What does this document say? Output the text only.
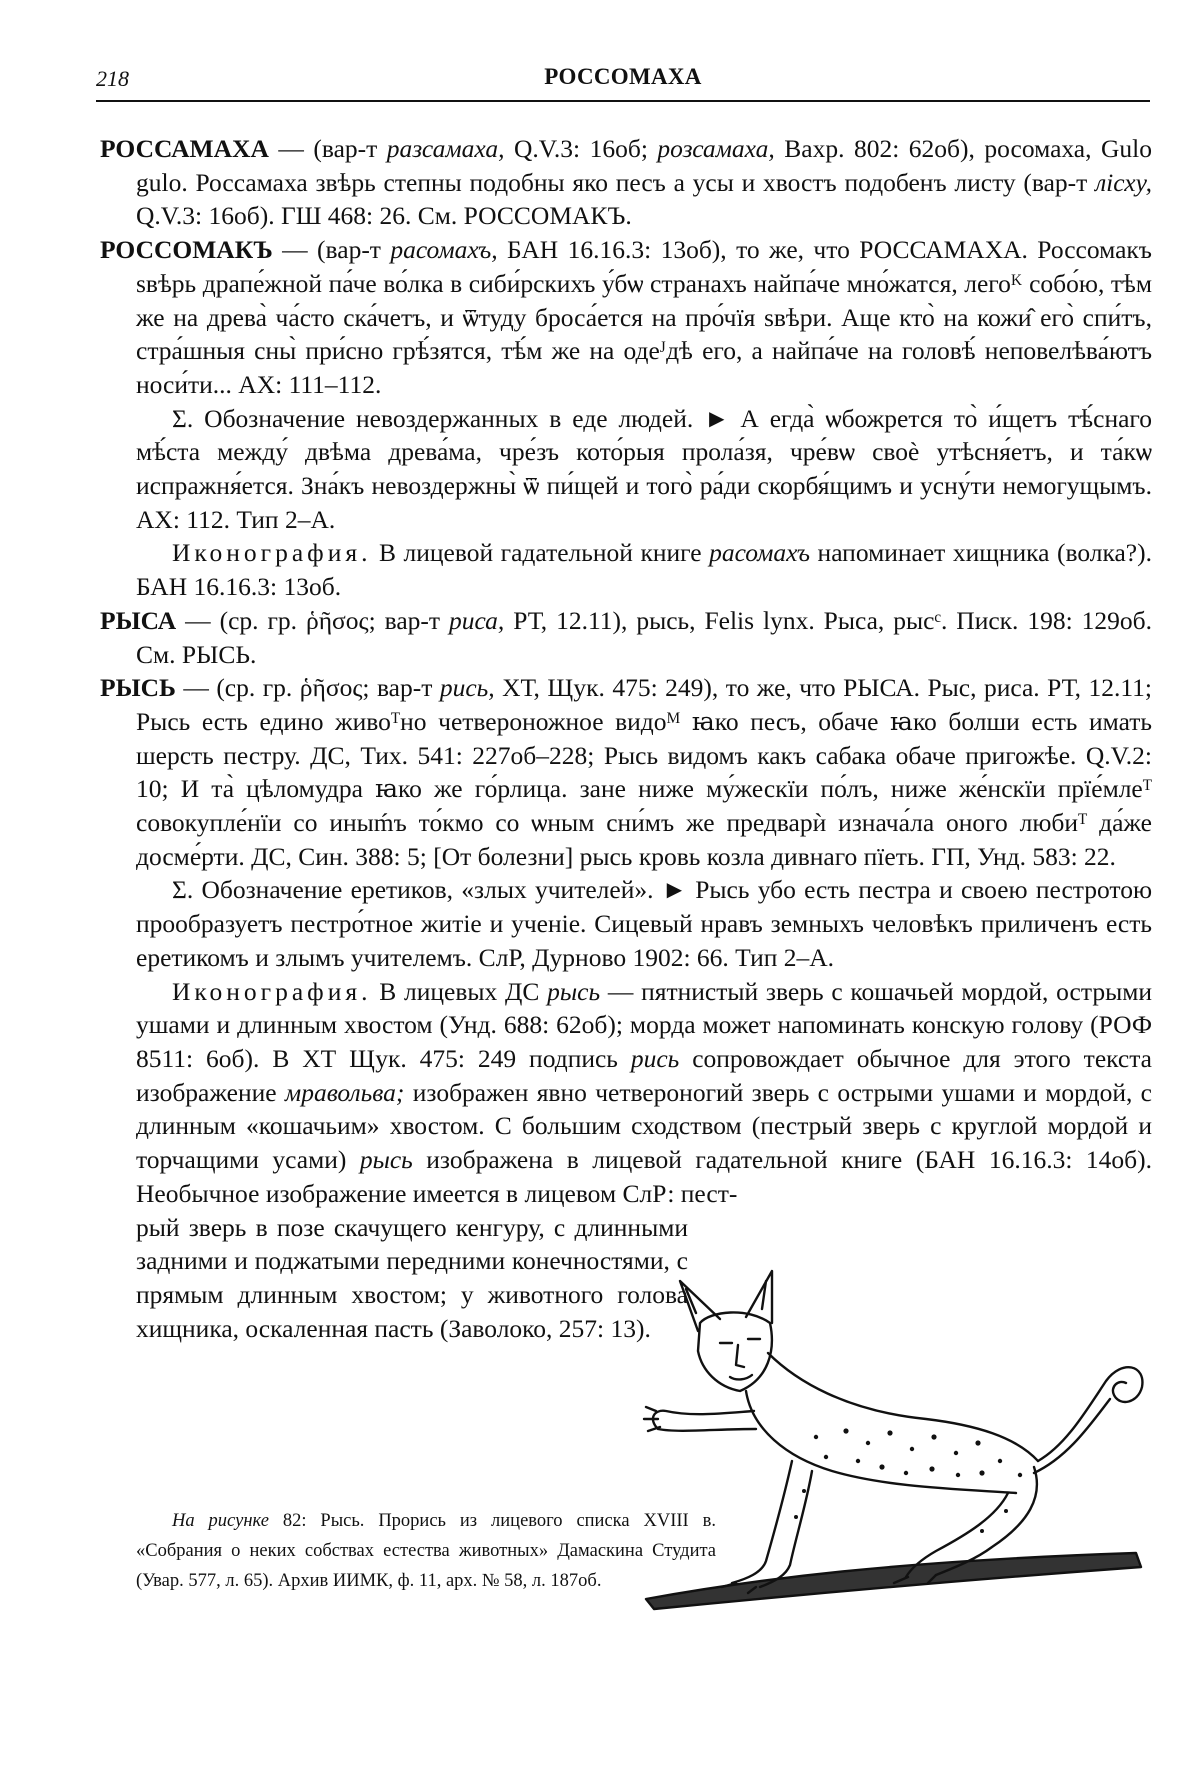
218	РОССОМАХА

РОССАМАХА — (вар-т разсамаха, Q.V.3: 16об; розсамаха, Вахр. 802: 62об), росомаха, Gulo gulo. Россамаха звѣрь степны подобны яко песъ а усы и хвостъ подобенъ листу (вар-т лiсху, Q.V.3: 16об). ГШ 468: 26. См. РОССОМАКЪ.

РОССОМАКЪ — (вар-т расомахъ, БАН 16.16.3: 13об), то же, что РОССАМАХА. Россомакъ ѕвѣрь драпе́жной па́че во́лка в сиби́рскихъ у́бѡ странахъ найпа́че мно́жатся, легоᴷ собо́ю, тѣм же на древа̀ ча́сто ска́четъ, и ѿтуду броса́ется на про́чїя ѕвѣри. Аще кто̀ на кожи̂ его̀ спи́тъ, стра́шныя сны̀ при́сно грѣ́зятся, тѣ́м же на одеᴶдѣ его, а найпа́че на головѣ́ неповелѣва́ютъ носи́ти... АХ: 111–112.

Σ. Обозначение невоздержанных в еде людей. ► А егда̀ ѡбожрется то̀ и́щетъ тѣ́снаго мѣ́ста между́ двѣма древа́ма, чре́зъ кото́рыя прола́зя, чре́вѡ своѐ утѣсня́етъ, и та́кѡ испражня́ется. Зна́къ невоздержны̀ ѿ пи́щей и того̀ ра́ди скорбя́щимъ и усну́ти немогущымъ. АХ: 112. Тип 2–А.

Иконография. В лицевой гадательной книге расомахъ напоминает хищника (волка?). БАН 16.16.3: 13об.

РЫСА — (ср. гр. ῥῆσος; вар-т риса, РТ, 12.11), рысь, Felis lynx. Рыса, рысᶜ. Писк. 198: 129об. См. РЫСЬ.

РЫСЬ — (ср. гр. ῥῆσος; вар-т рись, ХТ, Щук. 475: 249), то же, что РЫСА. Рыс, риса. РТ, 12.11; Рысь есть едино живоᵀно четвероножное видоᴹ ꙗко песъ, обаче ꙗко болши есть имать шерсть пестру. ДС, Тих. 541: 227об–228; Рысь видомъ какъ сабака обаче пригожѣе. Q.V.2: 10; И та̀ цѣломудра ꙗко же го́рлица. зане ниже му́жескїи по́лъ, ниже же́нскїи прїе́млеᵀ совокупле́нїи со иныḿъ то́кмо со ѡным сни́мъ же предварѝ изнача́ла оного любиᵀ да́же досме́рти. ДС, Син. 388: 5; [От болезни] рысь кровь козла дивнаго пïеть. ГП, Унд. 583: 22.

Σ. Обозначение еретиков, «злых учителей». ► Рысь убо есть пестра и своею пестротою прообразуетъ пестро́тное житiе и ученiе. Сицевый нравъ земныхъ человѣкъ приличенъ есть еретикомъ и злымъ учителемъ. СлР, Дурново 1902: 66. Тип 2–А.

Иконография. В лицевых ДС рысь — пятнистый зверь с кошачьей мордой, острыми ушами и длинным хвостом (Унд. 688: 62об); морда может напоминать конскую голову (РОФ 8511: 6об). В ХТ Щук. 475: 249 подпись рись сопровождает обычное для этого текста изображение мравольва; изображен явно четвероногий зверь с острыми ушами и мордой, с длинным «кошачьим» хвостом. С большим сходством (пестрый зверь с круглой мордой и торчащими усами) рысь изображена в лицевой гадательной книге (БАН 16.16.3: 14об). Необычное изображение имеется в лицевом СлР: пест-

рый зверь в позе скачущего кенгуру, с длинными задними и поджатыми передними конечностями, с прямым длинным хвостом; у животного голова хищника, оскаленная пасть (Заволоко, 257: 13).

На рисунке 82: Рысь. Прорись из лицевого списка XVIII в. «Собрания о неких собствах естества животных» Дамаскина Студита (Увар. 577, л. 65). Архив ИИМК, ф. 11, арх. № 58, л. 187об.
